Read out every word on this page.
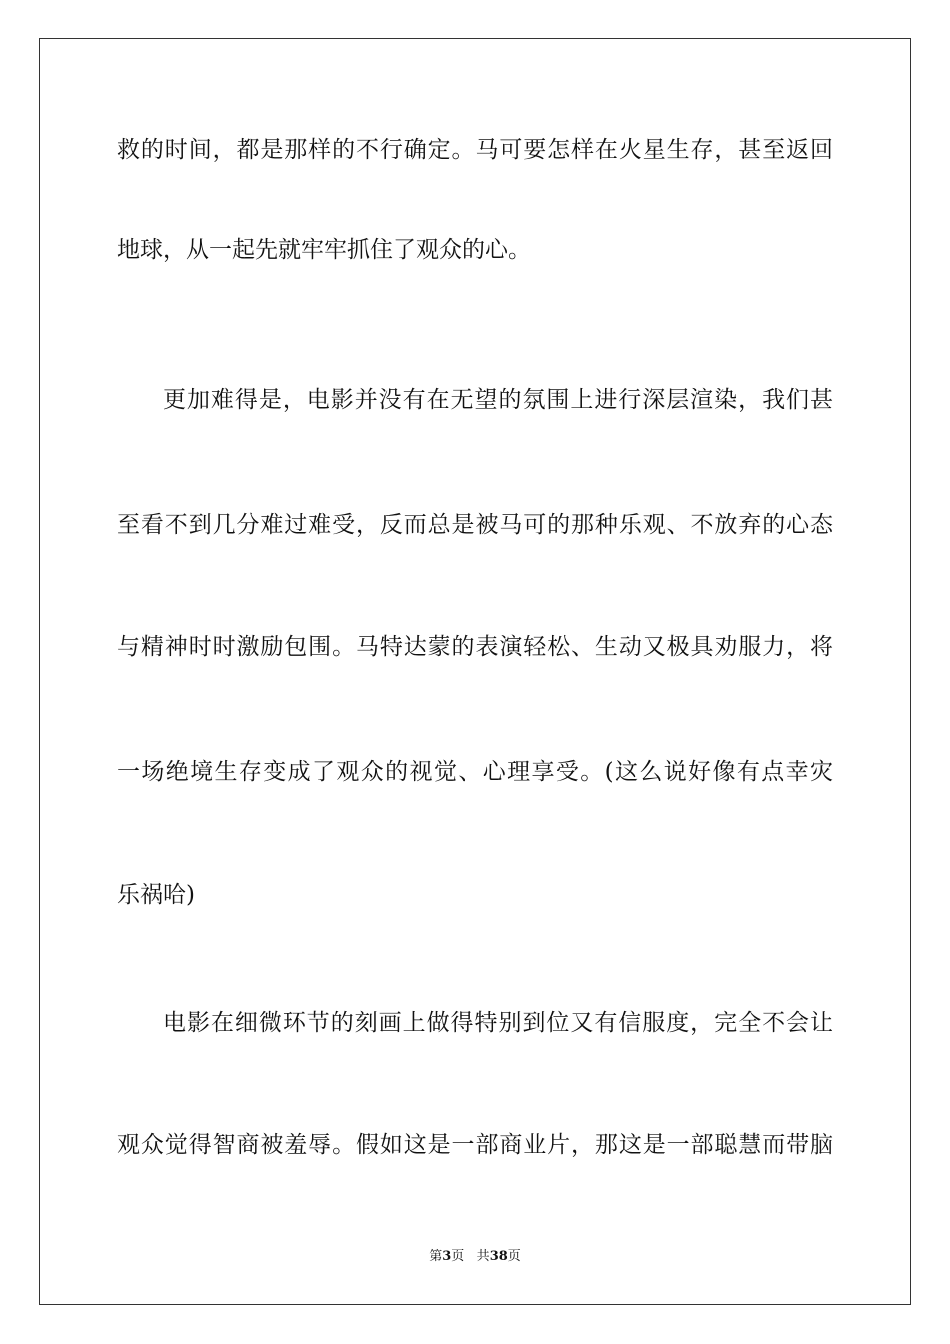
救的时间，都是那样的不行确定。马可要怎样在火星生存，甚至返回
地球，从一起先就牢牢抓住了观众的心。
更加难得是，电影并没有在无望的氛围上进行深层渲染，我们甚
至看不到几分难过难受，反而总是被马可的那种乐观、不放弃的心态
与精神时时激励包围。马特达蒙的表演轻松、生动又极具劝服力，将
一场绝境生存变成了观众的视觉、心理享受。(这么说好像有点幸灾
乐祸哈)
电影在细微环节的刻画上做得特别到位又有信服度，完全不会让
观众觉得智商被羞辱。假如这是一部商业片，那这是一部聪慧而带脑
第3页 共38页
